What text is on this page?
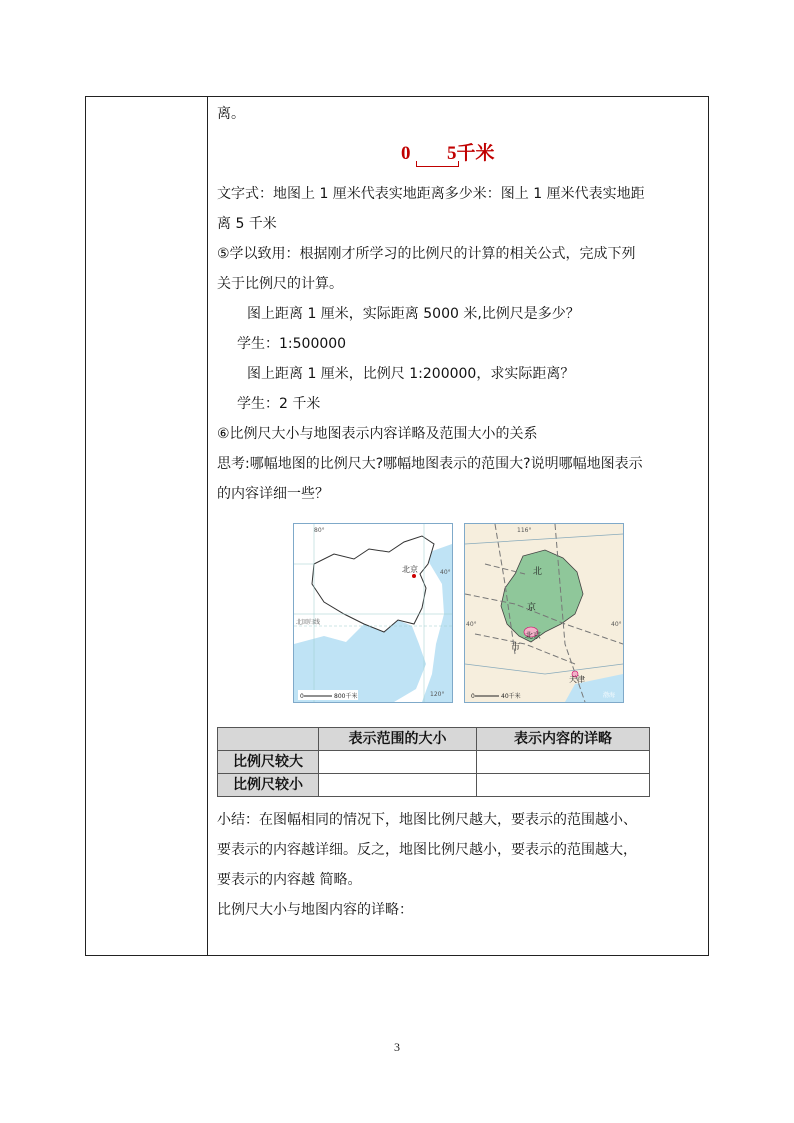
离。
0 5千米
文字式：地图上 1 厘米代表实地距离多少米：图上 1 厘米代表实地距
离 5 千米
⑤学以致用：根据刚才所学习的比例尺的计算的相关公式，完成下列
关于比例尺的计算。
图上距离 1 厘米，实际距离 5000 米,比例尺是多少？
学生：1:500000
图上距离 1 厘米，比例尺 1:200000，求实际距离？
学生：2 千米
⑥比例尺大小与地图表示内容详略及范围大小的关系
思考:哪幅地图的比例尺大?哪幅地图表示的范围大?说明哪幅地图表示
的内容详细一些？
北京
80°
120°
40°
北回归线
0	800千米
北
京
市
北京
天津
渤海
116°
40°	40°
0	40千米
	表示范围的大小	表示内容的详略
比例尺较大		
比例尺较小		
小结：在图幅相同的情况下，地图比例尺越大，要表示的范围越小、
要表示的内容越详细。反之，地图比例尺越小，要表示的范围越大，
要表示的内容越 简略。
比例尺大小与地图内容的详略：
3
